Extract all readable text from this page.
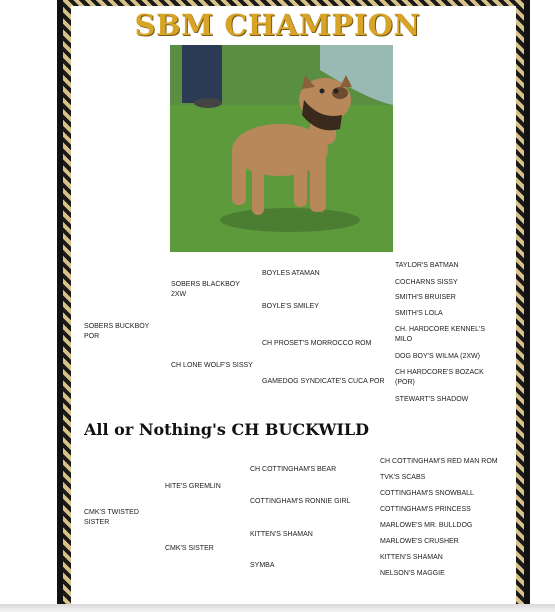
SBM CHAMPION
SOBERS BUCKBOY POR
SOBERS BLACKBOY 2XW
CH LONE WOLF'S SISSY
BOYLES ATAMAN
BOYLE'S SMILEY
CH PROSET'S MORROCCO ROM
GAMEDOG SYNDICATE'S CUCA POR
TAYLOR'S BATMAN
COCHARNS SISSY
SMITH'S BRUISER
SMITH'S LOLA
CH. HARDCORE KENNEL'S MILO
DOG BOY'S WILMA (2XW)
CH HARDCORE'S BOZACK (POR)
STEWART'S SHADOW
All or Nothing's CH BUCKWILD
CMK'S TWISTED SISTER
HITE'S GREMLIN
CMK'S SISTER
CH COTTINGHAM'S BEAR
COTTINGHAM'S RONNIE GIRL
KITTEN'S SHAMAN
SYMBA
CH COTTINGHAM'S RED MAN ROM
TVK'S SCABS
COTTINGHAM'S SNOWBALL
COTTINGHAM'S PRINCESS
MARLOWE'S MR. BULLDOG
MARLOWE'S CRUSHER
KITTEN'S SHAMAN
NELSON'S MAGGIE
